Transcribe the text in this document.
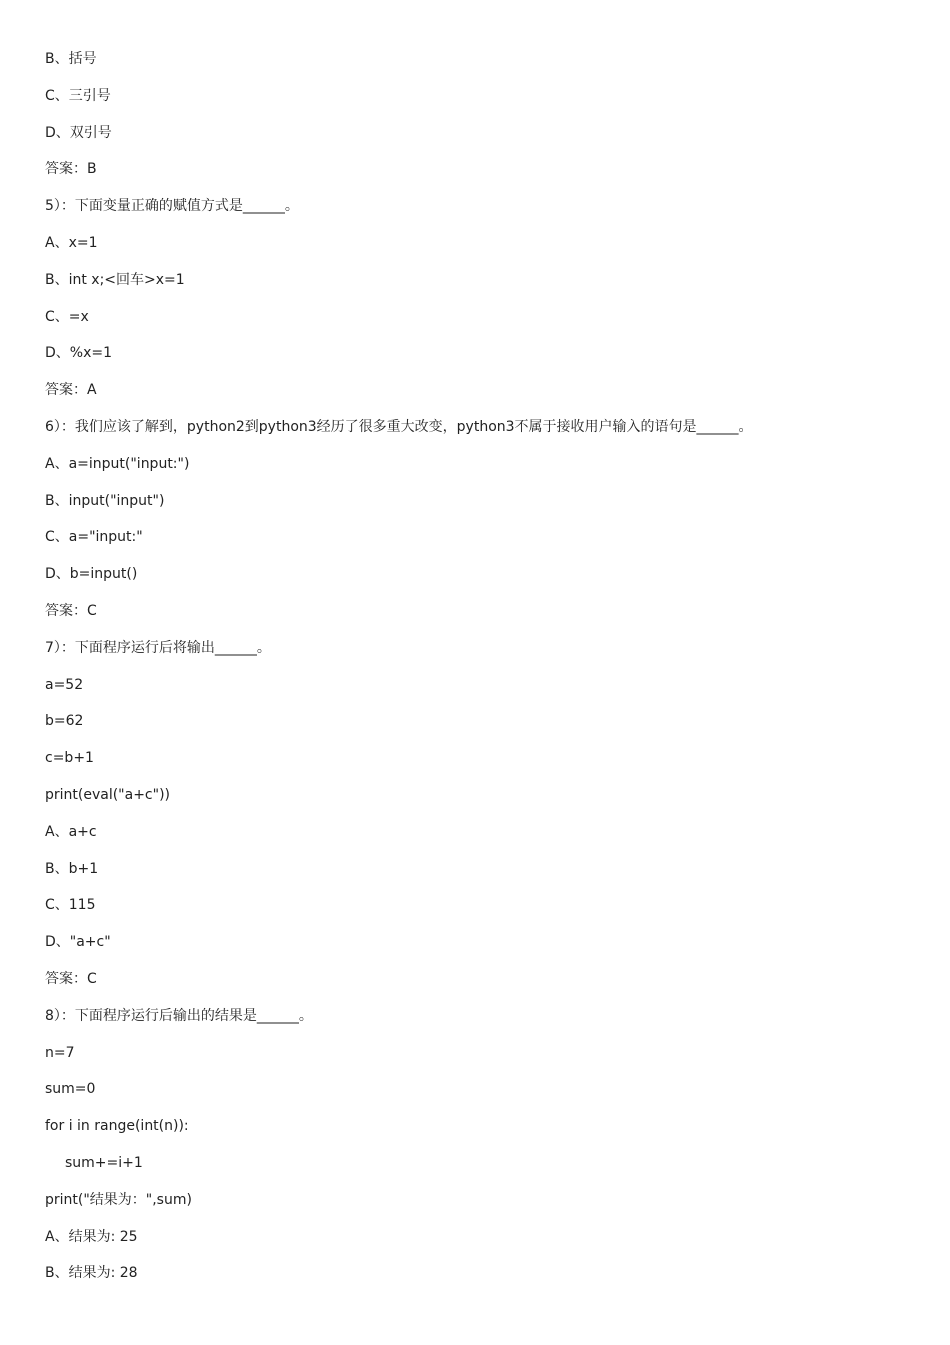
B、括号
C、三引号
D、双引号
答案：B
5）：下面变量正确的赋值方式是______。
A、x=1
B、int x;<回车>x=1
C、=x
D、%x=1
答案：A
6）：我们应该了解到，python2到python3经历了很多重大改变，python3不属于接收用户输入的语句是______。
A、a=input("input:")
B、input("input")
C、a="input:"
D、b=input()
答案：C
7）：下面程序运行后将输出______。
a=52
b=62
c=b+1
print(eval("a+c"))
A、a+c
B、b+1
C、115
D、"a+c"
答案：C
8）：下面程序运行后输出的结果是______。
n=7
sum=0
for i in range(int(n)):
sum+=i+1
print("结果为：",sum)
A、结果为: 25
B、结果为: 28
